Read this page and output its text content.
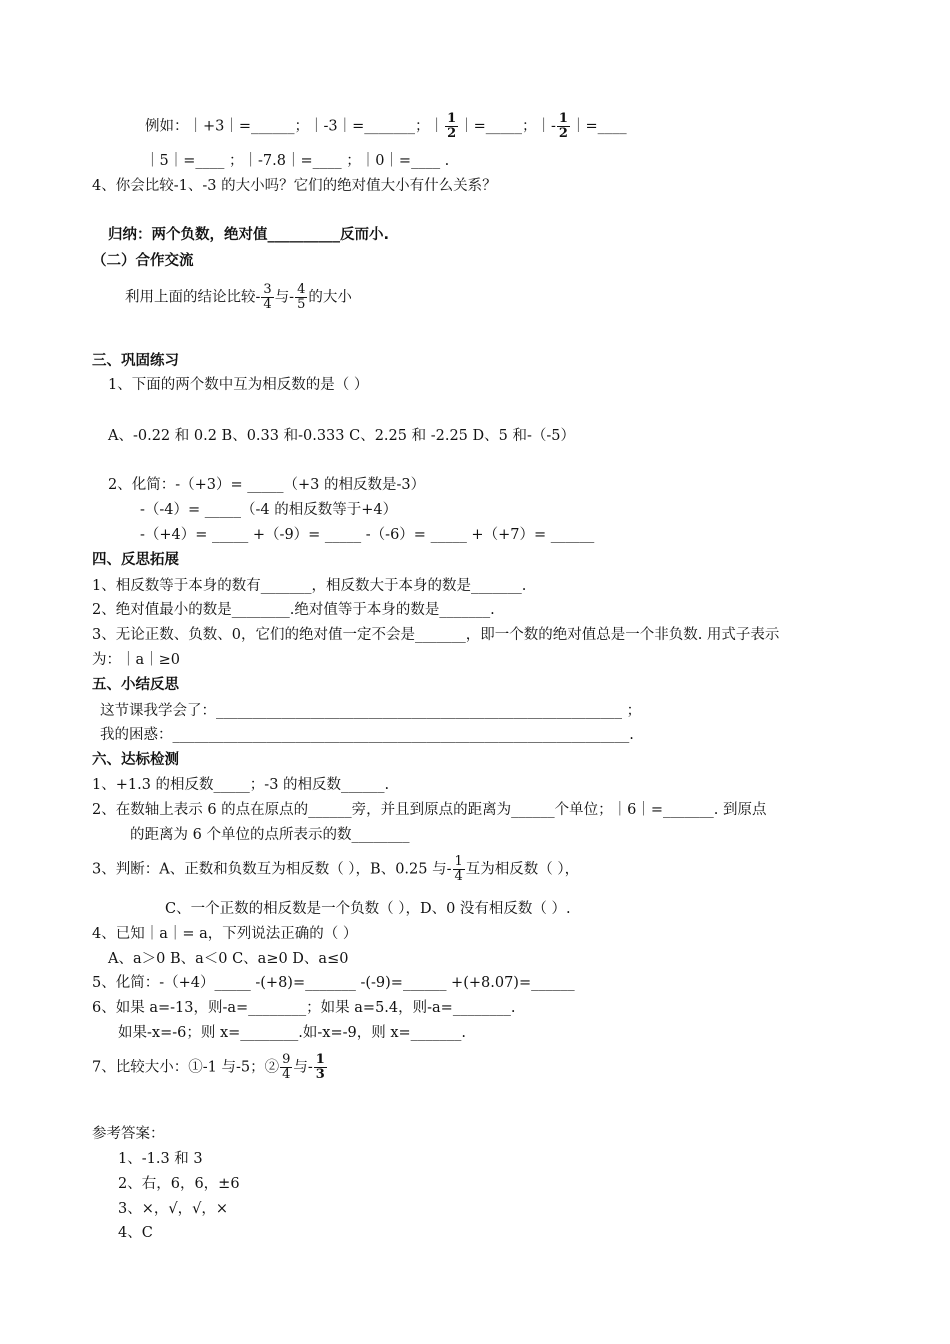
例如：｜+3｜=______；｜-3｜=_______；｜ $\frac{1}{2}$ ｜=_____；｜- $\frac{1}{2}$ ｜=____
｜5｜=____ ；｜-7.8｜=____ ；｜0｜=____ .
4、你会比较-1、-3 的大小吗？它们的绝对值大小有什么关系？
归纳：两个负数，绝对值__________反而小.
（二）合作交流
利用上面的结论比较- $\frac{3}{4}$ 与- $\frac{4}{5}$ 的大小
三、巩固练习
1、下面的两个数中互为相反数的是（ ）
A、-0.22 和 0.2 B、0.33 和-0.333 C、2.25 和 -2.25 D、5 和-（-5）
2、化简：-（+3）= _____（+3 的相反数是-3）
-（-4）= _____（-4 的相反数等于+4）
-（+4）= _____ +（-9）= _____ -（-6）= _____ +（+7）= ______
四、反思拓展
1、相反数等于本身的数有_______，相反数大于本身的数是_______.
2、绝对值最小的数是________.绝对值等于本身的数是_______.
3、无论正数、负数、0，它们的绝对值一定不会是_______，即一个数的绝对值总是一个非负数. 用式子表示
为：｜a｜≥0
五、小结反思
这节课我学会了：________________________________________________________ ；
我的困惑：_______________________________________________________________.
六、达标检测
1、+1.3 的相反数_____；-3 的相反数______.
2、在数轴上表示 6 的点在原点的______旁，并且到原点的距离为______个单位；｜6｜=_______. 到原点
的距离为 6 个单位的点所表示的数________
3、判断：A、正数和负数互为相反数（ ），B、0.25 与- $\frac{1}{4}$ 互为相反数（ ），
C、一个正数的相反数是一个负数（ ），D、0 没有相反数（ ）.
4、已知｜a｜= a，下列说法正确的（ ）
A、a＞0 B、a＜0 C、a≥0 D、a≤0
5、化简：-（+4）_____ -(+8)=_______ -(-9)=______ +(+8.07)=______
6、如果 a=-13，则-a=________；如果 a=5.4，则-a=________.
如果-x=-6；则 x=________.如-x=-9，则 x=_______.
7、比较大小：①-1 与-5；② $\frac{9}{4}$ 与- $\frac{1}{3}$
参考答案：
1、-1.3 和 3
2、右，6，6，±6
3、×，√，√，×
4、C
